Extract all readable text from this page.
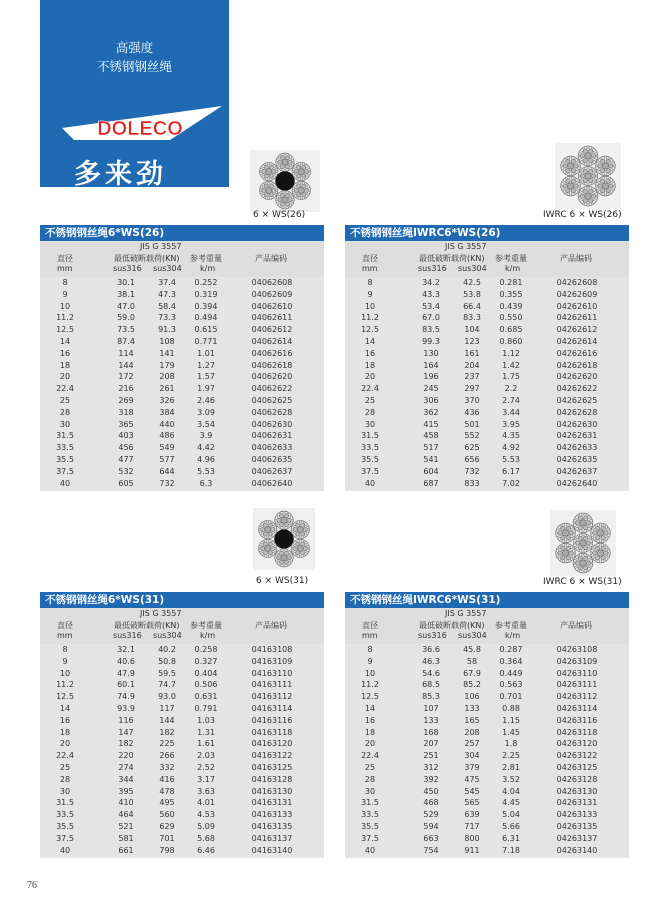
高强度
不锈钢钢丝绳
DOLECO
多来劲
6 × WS(26)	IWRC 6 × WS(26)
6 × WS(31)	IWRC 6 × WS(31)
不锈钢钢丝绳6*WS(26)
JIS G 3557
直径
mm
最低破断载荷(KN)
sus316 sus304
参考重量
k/m
产品编码
8	30.1	37.4	0.252	04062608
9	38.1	47.3	0.319	04062609
10	47.0	58.4	0.394	04062610
11.2	59.0	73.3	0.494	04062611
12.5	73.5	91.3	0.615	04062612
14	87.4	108	0.771	04062614
16	114	141	1.01	04062616
18	144	179	1.27	04062618
20	172	208	1.57	04062620
22.4	216	261	1.97	04062622
25	269	326	2.46	04062625
28	318	384	3.09	04062628
30	365	440	3.54	04062630
31.5	403	486	3.9	04062631
33.5	456	549	4.42	04062633
35.5	477	577	4.96	04062635
37.5	532	644	5.53	04062637
40	605	732	6.3	04062640
不锈钢钢丝绳IWRC6*WS(26)
JIS G 3557
直径
mm
最低破断载荷(KN)
sus316 sus304
参考重量
k/m
产品编码
8	34.2	42.5	0.281	04262608
9	43.3	53.8	0.355	04262609
10	53.4	66.4	0.439	04262610
11.2	67.0	83.3	0.550	04262611
12.5	83.5	104	0.685	04262612
14	99.3	123	0.860	04262614
16	130	161	1.12	04262616
18	164	204	1.42	04262618
20	196	237	1.75	04262620
22.4	245	297	2.2	04262622
25	306	370	2.74	04262625
28	362	436	3.44	04262628
30	415	501	3.95	04262630
31.5	458	552	4.35	04262631
33.5	517	625	4.92	04262633
35.5	541	656	5.53	04262635
37.5	604	732	6.17	04262637
40	687	833	7.02	04262640
不锈钢钢丝绳6*WS(31)
JIS G 3557
直径
mm
最低破断载荷(KN)
sus316 sus304
参考重量
k/m
产品编码
8	32.1	40.2	0.258	04163108
9	40.6	50.8	0.327	04163109
10	47.9	59.5	0.404	04163110
11.2	60.1	74.7	0.506	04163111
12.5	74.9	93.0	0.631	04163112
14	93.9	117	0.791	04163114
16	116	144	1.03	04163116
18	147	182	1.31	04163118
20	182	225	1.61	04163120
22.4	220	266	2.03	04163122
25	274	332	2.52	04163125
28	344	416	3.17	04163128
30	395	478	3.63	04163130
31.5	410	495	4.01	04163131
33.5	464	560	4.53	04163133
35.5	521	629	5.09	04163135
37.5	581	701	5.68	04163137
40	661	798	6.46	04163140
不锈钢钢丝绳IWRC6*WS(31)
JIS G 3557
直径
mm
最低破断载荷(KN)
sus316 sus304
参考重量
k/m
产品编码
8	36.6	45.8	0.287	04263108
9	46.3	58	0.364	04263109
10	54.6	67.9	0.449	04263110
11.2	68.5	85.2	0.563	04263111
12.5	85.3	106	0.701	04263112
14	107	133	0.88	04263114
16	133	165	1.15	04263116
18	168	208	1.45	04263118
20	207	257	1.8	04263120
22.4	251	304	2.25	04263122
25	312	379	2.81	04263125
28	392	475	3.52	04263128
30	450	545	4.04	04263130
31.5	468	565	4.45	04263131
33.5	529	639	5.04	04263133
35.5	594	717	5.66	04263135
37.5	663	800	6.31	04263137
40	754	911	7.18	04263140
76
